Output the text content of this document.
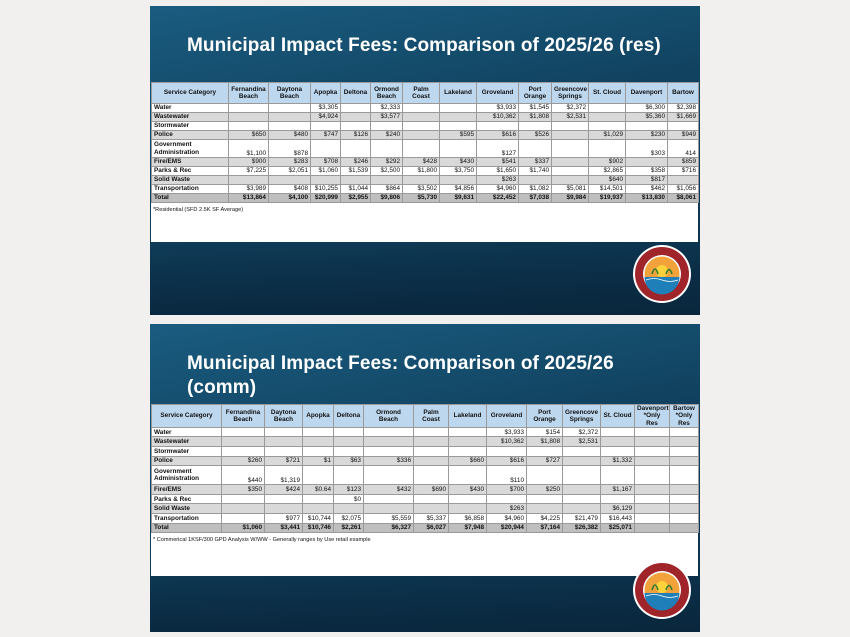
Municipal Impact Fees: Comparison of 2025/26 (res)
Service Category	Fernandina Beach	Daytona Beach	Apopka	Deltona	Ormond Beach	Palm Coast	Lakeland	Groveland	Port Orange	Greencove Springs	St. Cloud	Davenport	Bartow
Water			$3,305		$2,333			$3,933	$1,545	$2,372		$6,300	$2,398
Wastewater			$4,924		$3,577			$10,362	$1,808	$2,531		$5,360	$1,669
Stormwater													
Police	$650	$480	$747	$126	$240		$595	$616	$526		$1,029	$230	$949
Government Administration	$1,100	$878						$127				$303	414
Fire/EMS	$900	$283	$708	$246	$292	$428	$430	$541	$337		$902		$859
Parks & Rec	$7,225	$2,051	$1,060	$1,539	$2,500	$1,800	$3,750	$1,650	$1,740		$2,865	$358	$716
Solid Waste								$263			$640	$817	
Transportation	$3,989	$408	$10,255	$1,044	$864	$3,502	$4,856	$4,960	$1,082	$5,081	$14,501	$462	$1,056
Total	$13,864	$4,100	$20,999	$2,955	$9,806	$5,730	$9,631	$22,452	$7,038	$9,984	$19,937	$13,830	$8,061
*Residential (SFD 2.5K SF Average)
Municipal Impact Fees: Comparison of 2025/26 (comm)
Service Category	Fernandina Beach	Daytona Beach	Apopka	Deltona	Ormond Beach	Palm Coast	Lakeland	Groveland	Port Orange	Greencove Springs	St. Cloud	Davenport *Only Res	Bartow *Only Res
Water								$3,933	$154	$2,372			
Wastewater								$10,362	$1,808	$2,531			
Stormwater													
Police	$260	$721	$1	$63	$336		$660	$616	$727		$1,332		
Government Administration	$440	$1,319						$110					
Fire/EMS	$350	$424	$0.64	$123	$432	$690	$430	$700	$250		$1,167		
Parks & Rec				$0									
Solid Waste								$263			$6,129		
Transportation		$977	$10,744	$2,075	$5,559	$5,337	$6,858	$4,960	$4,225	$21,479	$16,443		
Total	$1,060	$3,441	$10,746	$2,261	$6,327	$6,027	$7,948	$20,944	$7,164	$26,382	$25,071		
* Commerical 1KSF/300 GPD Analysis W/WW - Generally ranges by Use retail example
